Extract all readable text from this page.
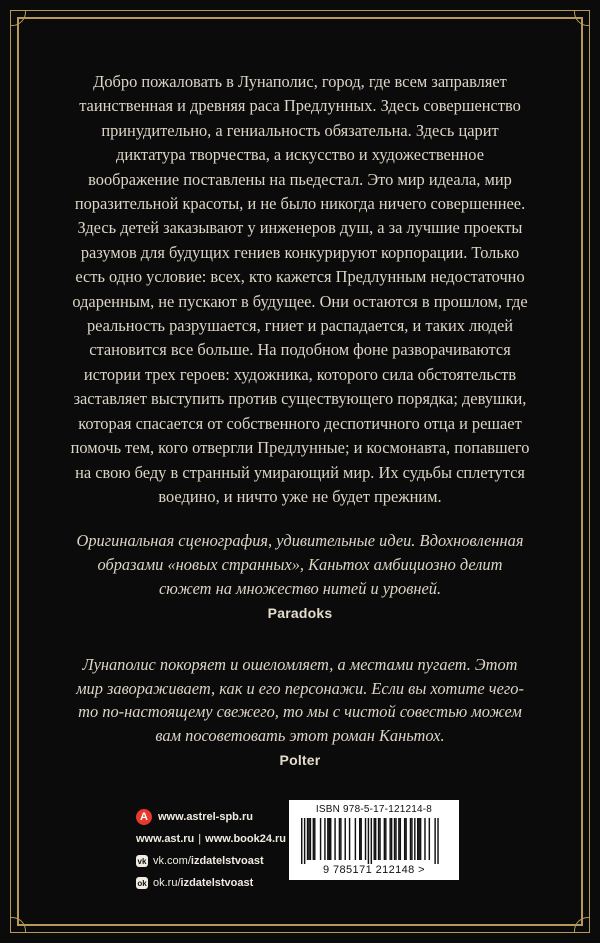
Добро пожаловать в Лунаполис, город, где всем заправляет таинственная и древняя раса Предлунных. Здесь совершенство принудительно, а гениальность обязательна. Здесь царит диктатура творчества, а искусство и художественное воображение поставлены на пьедестал. Это мир идеала, мир поразительной красоты, и не было никогда ничего совершеннее. Здесь детей заказывают у инженеров душ, а за лучшие проекты разумов для будущих гениев конкурируют корпорации. Только есть одно условие: всех, кто кажется Предлунным недостаточно одаренным, не пускают в будущее. Они остаются в прошлом, где реальность разрушается, гниет и распадается, и таких людей становится все больше. На подобном фоне разворачиваются истории трех героев: художника, которого сила обстоятельств заставляет выступить против существующего порядка; девушки, которая спасается от собственного деспотичного отца и решает помочь тем, кого отвергли Предлунные; и космонавта, попавшего на свою беду в странный умирающий мир. Их судьбы сплетутся воедино, и ничто уже не будет прежним.

Оригинальная сценография, удивительные идеи. Вдохновленная образами «новых странных», Каньтох амбициозно делит сюжет на множество нитей и уровней.

Paradoks

Лунаполис покоряет и ошеломляет, а местами пугает. Этот мир завораживает, как и его персонажи. Если вы хотите чего-то по-настоящему свежего, то мы с чистой совестью можем вам посоветовать этот роман Каньтох.

Polter

А www.astrel-spb.ru
www.ast.ru | www.book24.ru
vk vk.com/ izdatelstvoast
ok ok.ru/ izdatelstvoast
ISBN 978-5-17-121214-8
9 785171 212148 >
